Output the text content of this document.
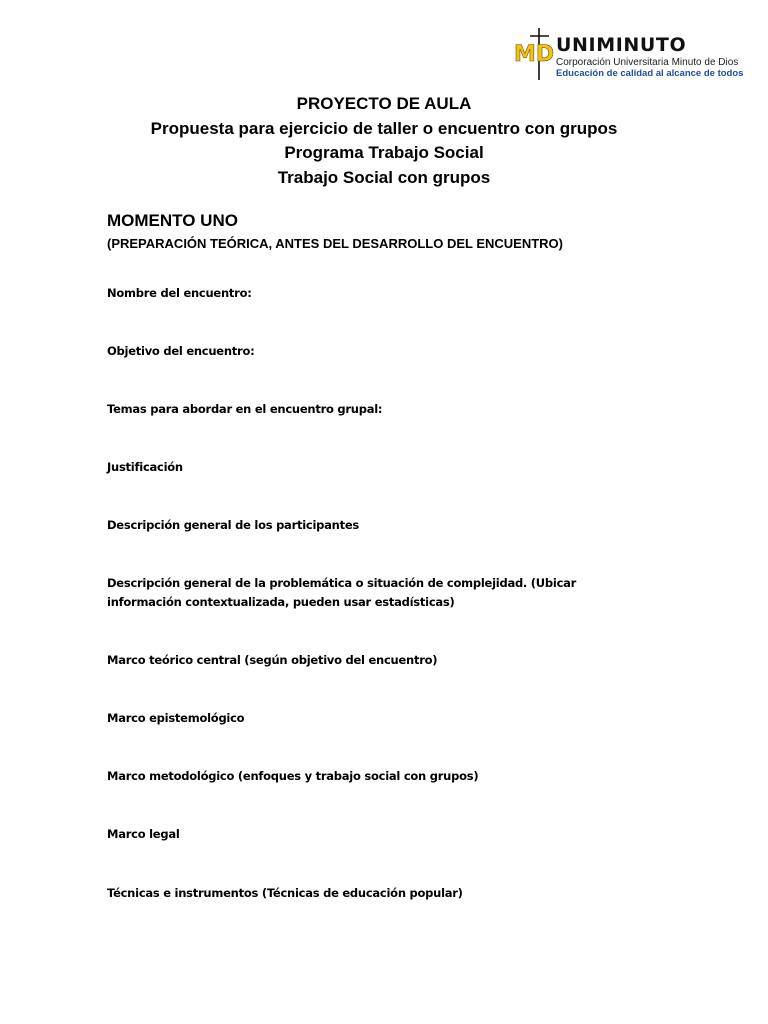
MD UNIMINUTO
Corporación Universitaria Minuto de Dios
Educación de calidad al alcance de todos
PROYECTO DE AULA
Propuesta para ejercicio de taller o encuentro con grupos
Programa Trabajo Social
Trabajo Social con grupos
MOMENTO UNO
(PREPARACIÓN TEÓRICA, ANTES DEL DESARROLLO DEL ENCUENTRO)
Nombre del encuentro:
Objetivo del encuentro:
Temas para abordar en el encuentro grupal:
Justificación
Descripción general de los participantes
Descripción general de la problemática o situación de complejidad. (Ubicar información contextualizada, pueden usar estadísticas)
Marco teórico central (según objetivo del encuentro)
Marco epistemológico
Marco metodológico (enfoques y trabajo social con grupos)
Marco legal
Técnicas e instrumentos (Técnicas de educación popular)
